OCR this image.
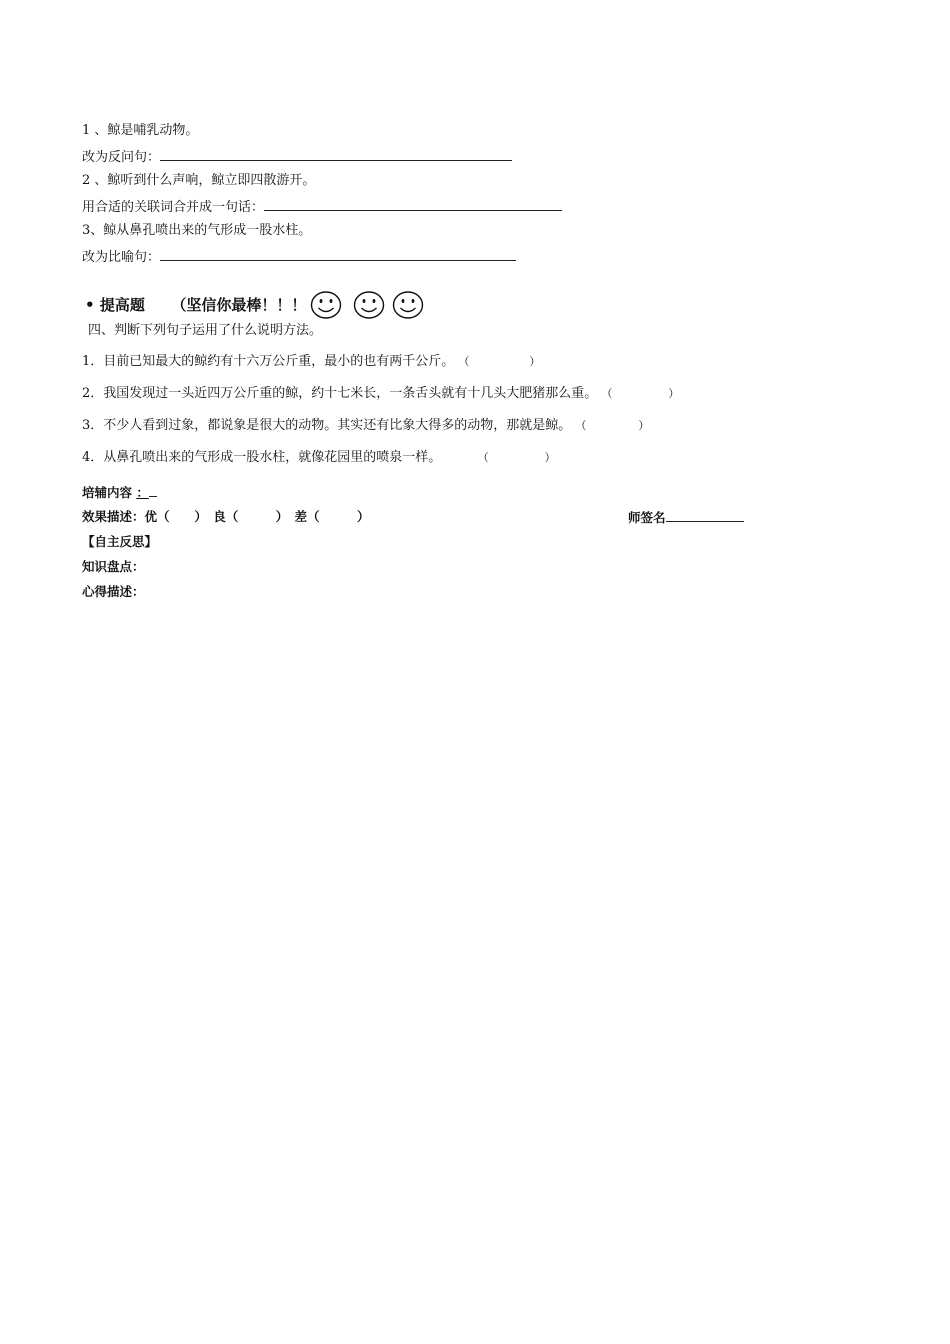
1 、鲸是哺乳动物。
改为反问句：
2 、鲸听到什么声响，鲸立即四散游开。
用合适的关联词合并成一句话：
3、鲸从鼻孔喷出来的气形成一股水柱。
改为比喻句：
• 提高题 （坚信你最棒！！！
四、判断下列句子运用了什么说明方法。
1．目前已知最大的鲸约有十六万公斤重，最小的也有两千公斤。 （	）
2．我国发现过一头近四万公斤重的鲸，约十七米长，一条舌头就有十几头大肥猪那么重。 （	）
3．不少人看到过象，都说象是很大的动物。其实还有比象大得多的动物，那就是鲸。 （	）
4．从鼻孔喷出来的气形成一股水柱，就像花园里的喷泉一样。	（	）
培辅内容 ：
效果描述：优（　　）　良（　　　）　差（　　　）	师签名
【自主反思】
知识盘点：
心得描述：
